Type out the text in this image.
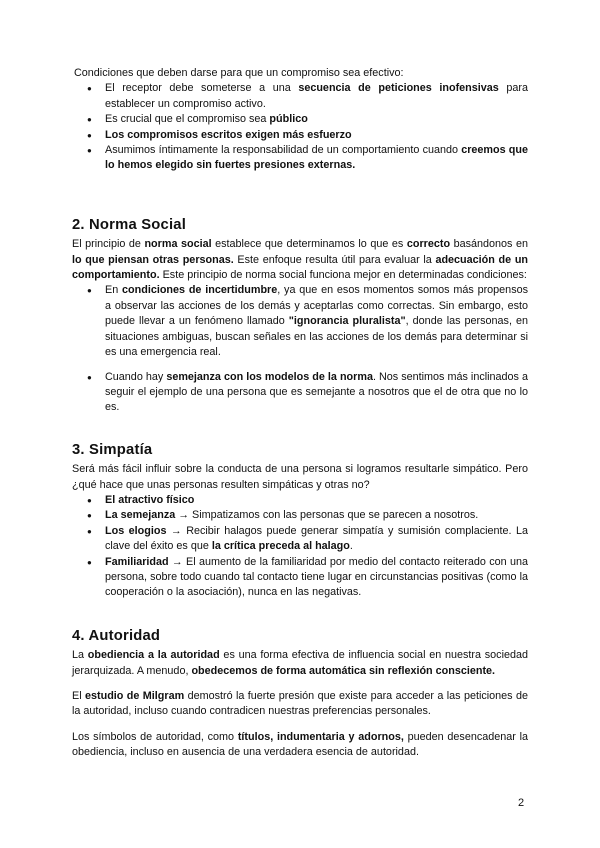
Condiciones que deben darse para que un compromiso sea efectivo:

● El receptor debe someterse a una secuencia de peticiones inofensivas para establecer un compromiso activo.
● Es crucial que el compromiso sea público
● Los compromisos escritos exigen más esfuerzo
● Asumimos íntimamente la responsabilidad de un comportamiento cuando creemos que lo hemos elegido sin fuertes presiones externas.
2. Norma Social

El principio de norma social establece que determinamos lo que es correcto basándonos en lo que piensan otras personas. Este enfoque resulta útil para evaluar la adecuación de un comportamiento. Este principio de norma social funciona mejor en determinadas condiciones:

● En condiciones de incertidumbre, ya que en esos momentos somos más propensos a observar las acciones de los demás y aceptarlas como correctas. Sin embargo, esto puede llevar a un fenómeno llamado "ignorancia pluralista", donde las personas, en situaciones ambiguas, buscan señales en las acciones de los demás para determinar si es una emergencia real.
● Cuando hay semejanza con los modelos de la norma. Nos sentimos más inclinados a seguir el ejemplo de una persona que es semejante a nosotros que el de otra que no lo es.
3. Simpatía

Será más fácil influir sobre la conducta de una persona si logramos resultarle simpático. Pero ¿qué hace que unas personas resulten simpáticas y otras no?

● El atractivo físico
● La semejanza → Simpatizamos con las personas que se parecen a nosotros.
● Los elogios → Recibir halagos puede generar simpatía y sumisión complaciente. La clave del éxito es que la crítica preceda al halago.
● Familiaridad → El aumento de la familiaridad por medio del contacto reiterado con una persona, sobre todo cuando tal contacto tiene lugar en circunstancias positivas (como la cooperación o la asociación), nunca en las negativas.
4. Autoridad

La obediencia a la autoridad es una forma efectiva de influencia social en nuestra sociedad jerarquizada. A menudo, obedecemos de forma automática sin reflexión consciente.

El estudio de Milgram demostró la fuerte presión que existe para acceder a las peticiones de la autoridad, incluso cuando contradicen nuestras preferencias personales.

Los símbolos de autoridad, como títulos, indumentaria y adornos, pueden desencadenar la obediencia, incluso en ausencia de una verdadera esencia de autoridad.

2
